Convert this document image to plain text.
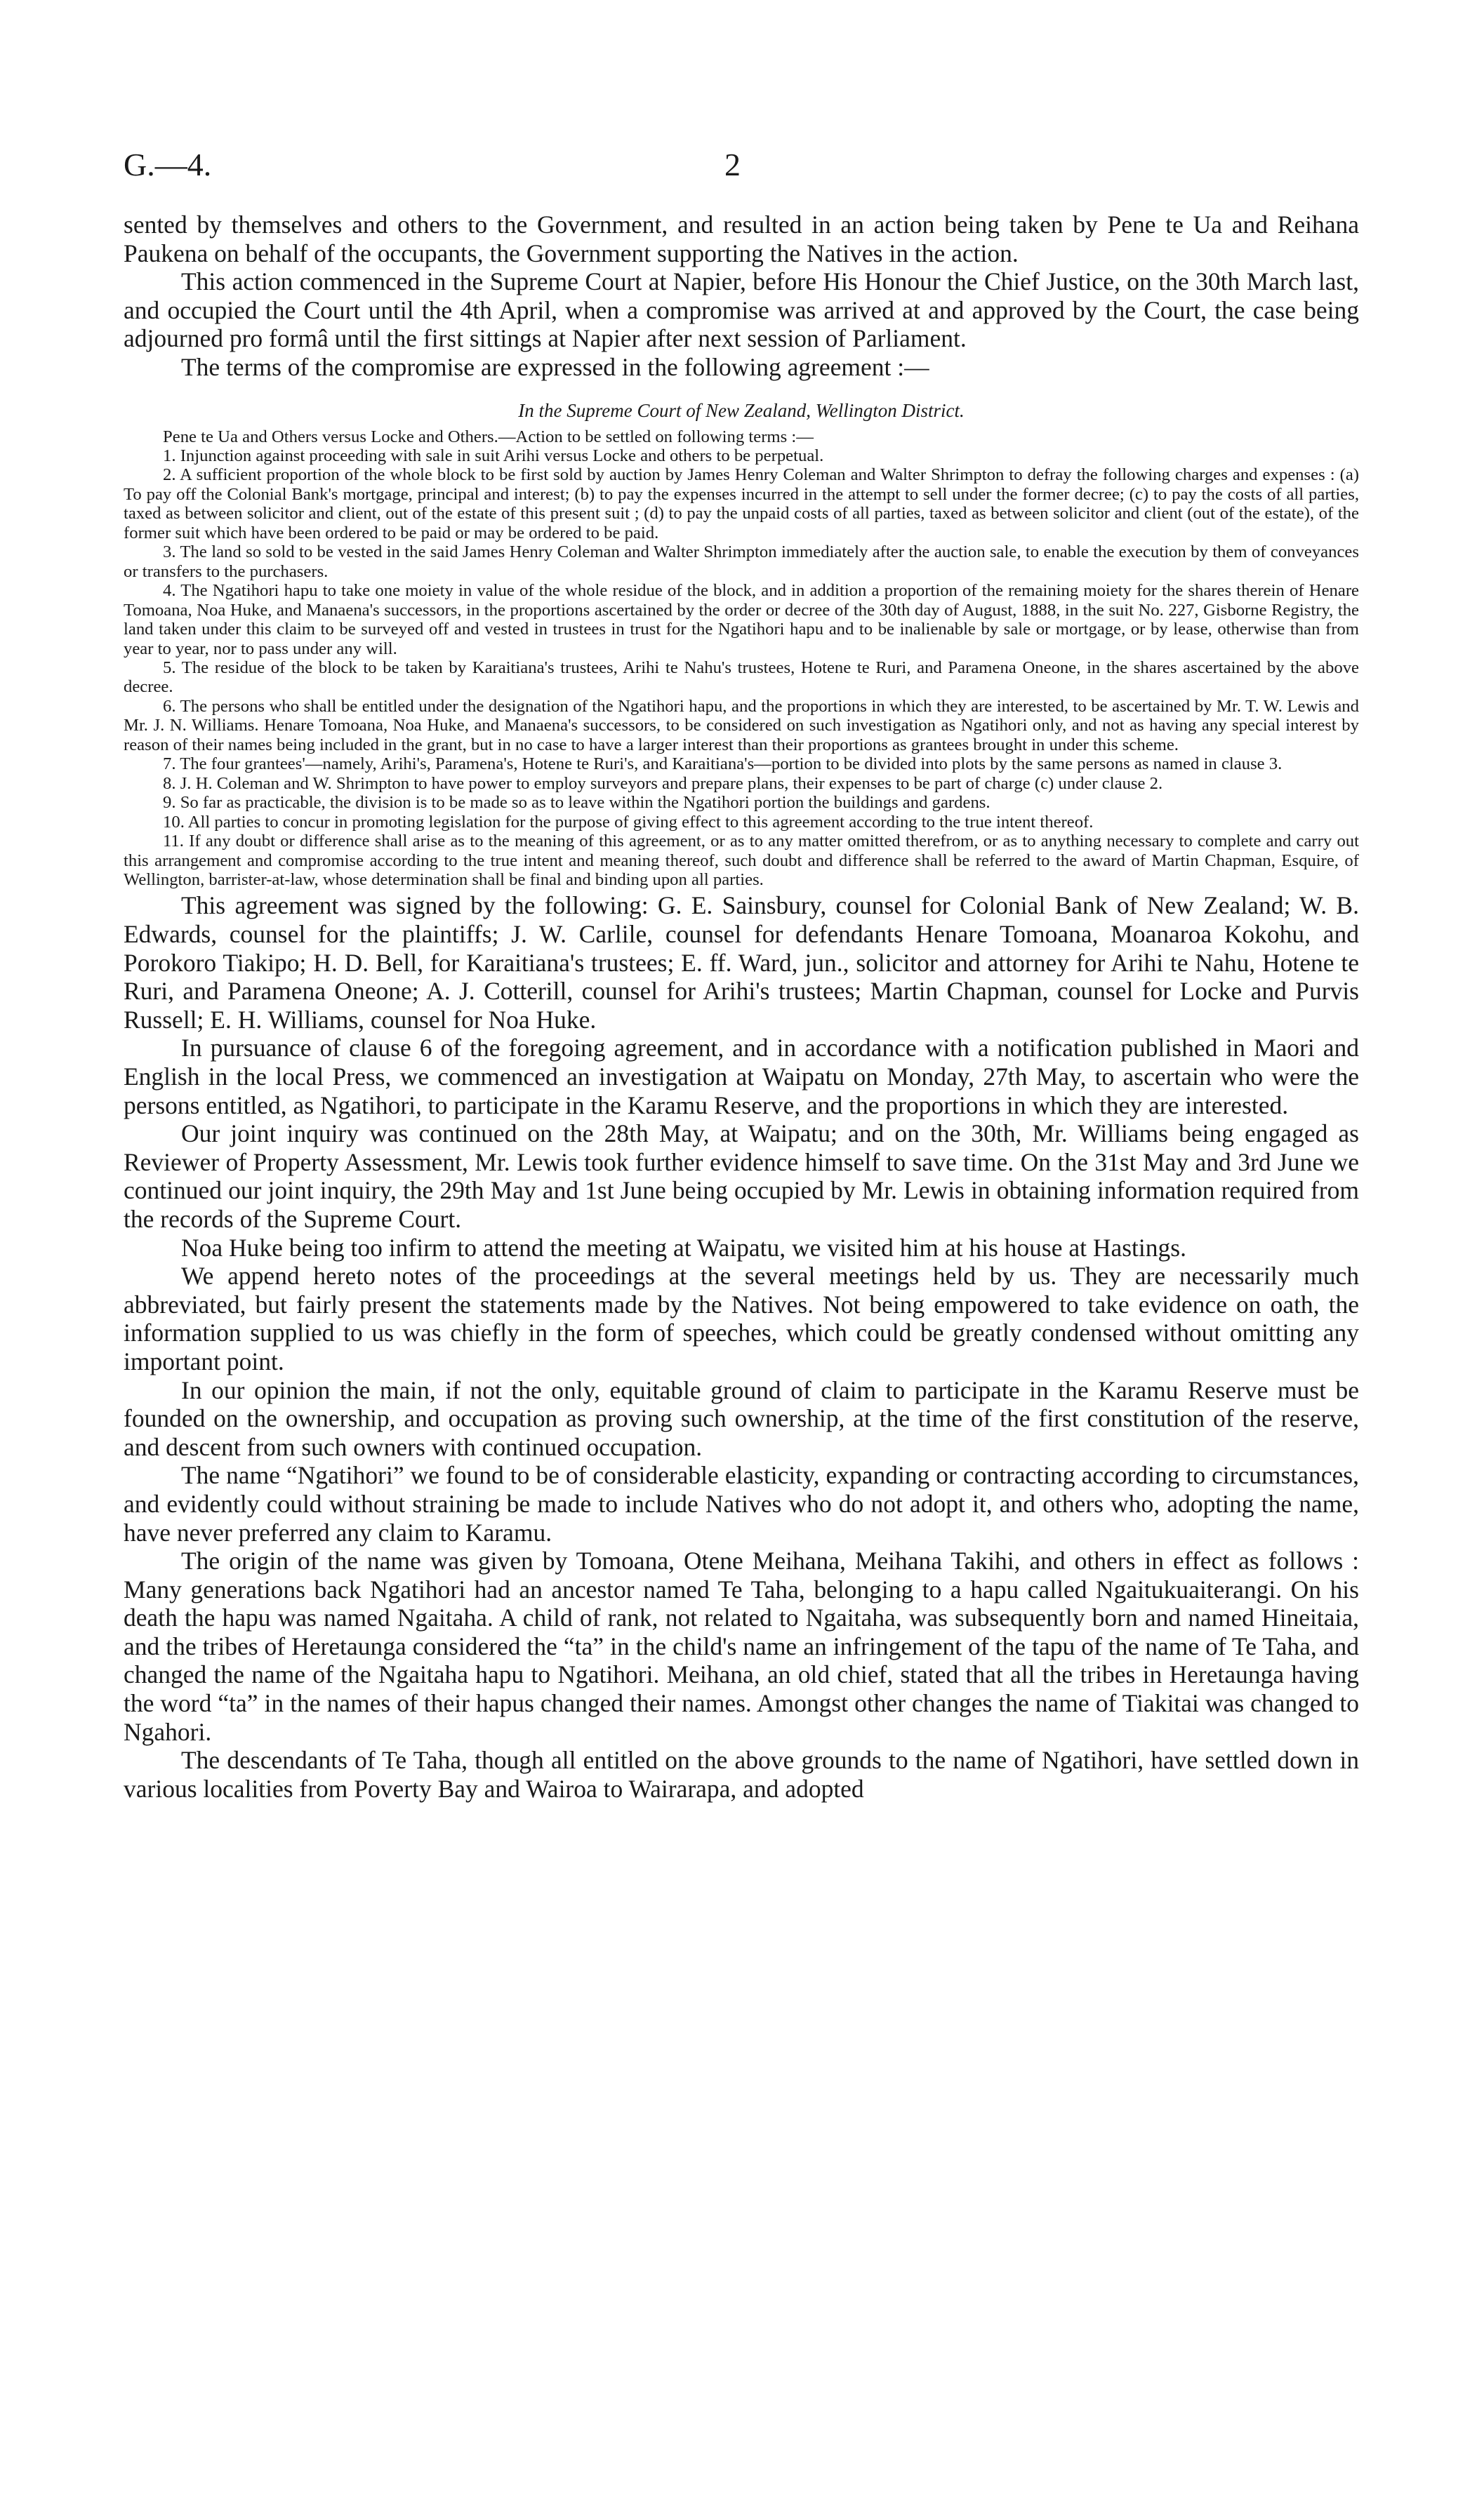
G.—4.	2

sented by themselves and others to the Government, and resulted in an action being taken by Pene te Ua and Reihana Paukena on behalf of the occupants, the Government supporting the Natives in the action.

This action commenced in the Supreme Court at Napier, before His Honour the Chief Justice, on the 30th March last, and occupied the Court until the 4th April, when a compromise was arrived at and approved by the Court, the case being adjourned pro formâ until the first sittings at Napier after next session of Parliament.

The terms of the compromise are expressed in the following agreement :—

In the Supreme Court of New Zealand, Wellington District.

Pene te Ua and Others versus Locke and Others.—Action to be settled on following terms :—

1. Injunction against proceeding with sale in suit Arihi versus Locke and others to be perpetual.

2. A sufficient proportion of the whole block to be first sold by auction by James Henry Coleman and Walter Shrimpton to defray the following charges and expenses : (a) To pay off the Colonial Bank's mortgage, principal and interest; (b) to pay the expenses incurred in the attempt to sell under the former decree; (c) to pay the costs of all parties, taxed as between solicitor and client, out of the estate of this present suit ; (d) to pay the unpaid costs of all parties, taxed as between solicitor and client (out of the estate), of the former suit which have been ordered to be paid or may be ordered to be paid.

3. The land so sold to be vested in the said James Henry Coleman and Walter Shrimpton immediately after the auction sale, to enable the execution by them of conveyances or transfers to the purchasers.

4. The Ngatihori hapu to take one moiety in value of the whole residue of the block, and in addition a proportion of the remaining moiety for the shares therein of Henare Tomoana, Noa Huke, and Manaena's successors, in the proportions ascertained by the order or decree of the 30th day of August, 1888, in the suit No. 227, Gisborne Registry, the land taken under this claim to be surveyed off and vested in trustees in trust for the Ngatihori hapu and to be inalienable by sale or mortgage, or by lease, otherwise than from year to year, nor to pass under any will.

5. The residue of the block to be taken by Karaitiana's trustees, Arihi te Nahu's trustees, Hotene te Ruri, and Paramena Oneone, in the shares ascertained by the above decree.

6. The persons who shall be entitled under the designation of the Ngatihori hapu, and the proportions in which they are interested, to be ascertained by Mr. T. W. Lewis and Mr. J. N. Williams. Henare Tomoana, Noa Huke, and Manaena's successors, to be considered on such investigation as Ngatihori only, and not as having any special interest by reason of their names being included in the grant, but in no case to have a larger interest than their proportions as grantees brought in under this scheme.

7. The four grantees'—namely, Arihi's, Paramena's, Hotene te Ruri's, and Karaitiana's—portion to be divided into plots by the same persons as named in clause 3.

8. J. H. Coleman and W. Shrimpton to have power to employ surveyors and prepare plans, their expenses to be part of charge (c) under clause 2.

9. So far as practicable, the division is to be made so as to leave within the Ngatihori portion the buildings and gardens.

10. All parties to concur in promoting legislation for the purpose of giving effect to this agreement according to the true intent thereof.

11. If any doubt or difference shall arise as to the meaning of this agreement, or as to any matter omitted therefrom, or as to anything necessary to complete and carry out this arrangement and compromise according to the true intent and meaning thereof, such doubt and difference shall be referred to the award of Martin Chapman, Esquire, of Wellington, barrister-at-law, whose determination shall be final and binding upon all parties.

This agreement was signed by the following: G. E. Sainsbury, counsel for Colonial Bank of New Zealand; W. B. Edwards, counsel for the plaintiffs; J. W. Carlile, counsel for defendants Henare Tomoana, Moanaroa Kokohu, and Porokoro Tiakipo; H. D. Bell, for Karaitiana's trustees; E. ff. Ward, jun., solicitor and attorney for Arihi te Nahu, Hotene te Ruri, and Paramena Oneone; A. J. Cotterill, counsel for Arihi's trustees; Martin Chapman, counsel for Locke and Purvis Russell; E. H. Williams, counsel for Noa Huke.

In pursuance of clause 6 of the foregoing agreement, and in accordance with a notification published in Maori and English in the local Press, we commenced an investigation at Waipatu on Monday, 27th May, to ascertain who were the persons entitled, as Ngatihori, to participate in the Karamu Reserve, and the proportions in which they are interested.

Our joint inquiry was continued on the 28th May, at Waipatu; and on the 30th, Mr. Williams being engaged as Reviewer of Property Assessment, Mr. Lewis took further evidence himself to save time. On the 31st May and 3rd June we continued our joint inquiry, the 29th May and 1st June being occupied by Mr. Lewis in obtaining information required from the records of the Supreme Court.

Noa Huke being too infirm to attend the meeting at Waipatu, we visited him at his house at Hastings.

We append hereto notes of the proceedings at the several meetings held by us. They are necessarily much abbreviated, but fairly present the statements made by the Natives. Not being empowered to take evidence on oath, the information supplied to us was chiefly in the form of speeches, which could be greatly condensed without omitting any important point.

In our opinion the main, if not the only, equitable ground of claim to participate in the Karamu Reserve must be founded on the ownership, and occupation as proving such ownership, at the time of the first constitution of the reserve, and descent from such owners with continued occupation.

The name “Ngatihori” we found to be of considerable elasticity, expanding or contracting according to circumstances, and evidently could without straining be made to include Natives who do not adopt it, and others who, adopting the name, have never preferred any claim to Karamu.

The origin of the name was given by Tomoana, Otene Meihana, Meihana Takihi, and others in effect as follows : Many generations back Ngatihori had an ancestor named Te Taha, belonging to a hapu called Ngaitukuaiterangi. On his death the hapu was named Ngaitaha. A child of rank, not related to Ngaitaha, was subsequently born and named Hineitaia, and the tribes of Heretaunga considered the “ta” in the child's name an infringement of the tapu of the name of Te Taha, and changed the name of the Ngaitaha hapu to Ngatihori. Meihana, an old chief, stated that all the tribes in Heretaunga having the word “ta” in the names of their hapus changed their names. Amongst other changes the name of Tiakitai was changed to Ngahori.

The descendants of Te Taha, though all entitled on the above grounds to the name of Ngatihori, have settled down in various localities from Poverty Bay and Wairoa to Wairarapa, and adopted
